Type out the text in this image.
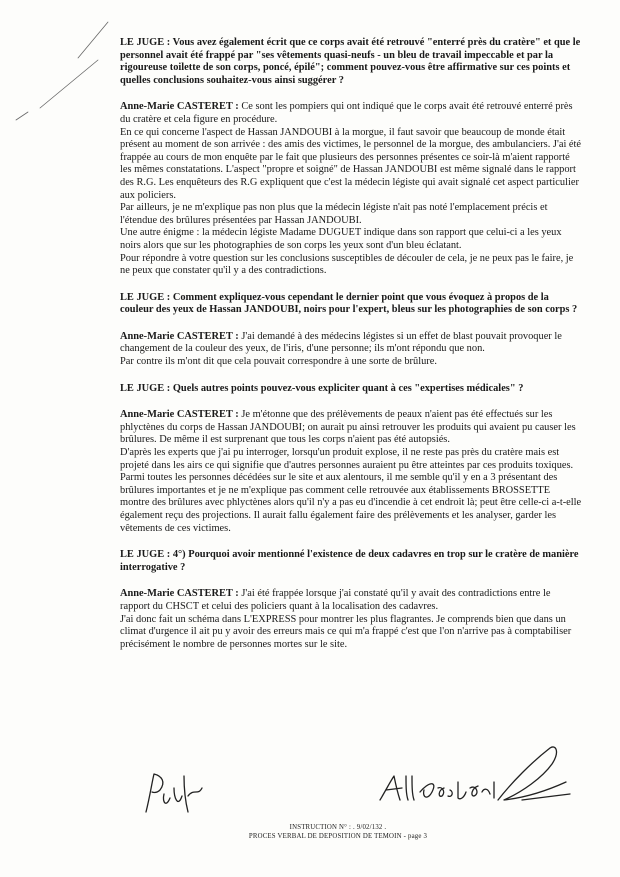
LE JUGE : Vous avez également écrit que ce corps avait été retrouvé "enterré près du cratère" et que le personnel avait été frappé par "ses vêtements quasi-neufs - un bleu de travail impeccable et par la rigoureuse toilette de son corps, poncé, épilé"; comment pouvez-vous être affirmative sur ces points et quelles conclusions souhaitez-vous ainsi suggérer ?

Anne-Marie CASTERET : Ce sont les pompiers qui ont indiqué que le corps avait été retrouvé enterré près du cratère et cela figure en procédure.

En ce qui concerne l'aspect de Hassan JANDOUBI à la morgue, il faut savoir que beaucoup de monde était présent au moment de son arrivée : des amis des victimes, le personnel de la morgue, des ambulanciers. J'ai été frappée au cours de mon enquête par le fait que plusieurs des personnes présentes ce soir-là m'aient rapporté les mêmes constatations. L'aspect "propre et soigné" de Hassan JANDOUBI est même signalé dans le rapport des R.G. Les enquêteurs des R.G expliquent que c'est la médecin légiste qui avait signalé cet aspect particulier aux policiers.

Par ailleurs, je ne m'explique pas non plus que la médecin légiste n'ait pas noté l'emplacement précis et l'étendue des brûlures présentées par Hassan JANDOUBI.

Une autre énigme : la médecin légiste Madame DUGUET indique dans son rapport que celui-ci a les yeux noirs alors que sur les photographies de son corps les yeux sont d'un bleu éclatant.

Pour répondre à votre question sur les conclusions susceptibles de découler de cela, je ne peux pas le faire, je ne peux que constater qu'il y a des contradictions.

LE JUGE : Comment expliquez-vous cependant le dernier point que vous évoquez à propos de la couleur des yeux de Hassan JANDOUBI, noirs pour l'expert, bleus sur les photographies de son corps ?

Anne-Marie CASTERET : J'ai demandé à des médecins légistes si un effet de blast pouvait provoquer le changement de la couleur des yeux, de l'iris, d'une personne; ils m'ont répondu que non.

Par contre ils m'ont dit que cela pouvait correspondre à une sorte de brûlure.

LE JUGE : Quels autres points pouvez-vous expliciter quant à ces "expertises médicales" ?

Anne-Marie CASTERET : Je m'étonne que des prélèvements de peaux n'aient pas été effectués sur les phlyctènes du corps de Hassan JANDOUBI; on aurait pu ainsi retrouver les produits qui avaient pu causer les brûlures. De même il est surprenant que tous les corps n'aient pas été autopsiés.

D'après les experts que j'ai pu interroger, lorsqu'un produit explose, il ne reste pas près du cratère mais est projeté dans les airs ce qui signifie que d'autres personnes auraient pu être atteintes par ces produits toxiques.

Parmi toutes les personnes décédées sur le site et aux alentours, il me semble qu'il y en a 3 présentant des brûlures importantes et je ne m'explique pas comment celle retrouvée aux établissements BROSSETTE montre des brûlures avec phlyctènes alors qu'il n'y a pas eu d'incendie à cet endroit là; peut être celle-ci a-t-elle également reçu des projections. Il aurait fallu également faire des prélèvements et les analyser, garder les vêtements de ces victimes.

LE JUGE : 4°) Pourquoi avoir mentionné l'existence de deux cadavres en trop sur le cratère de manière interrogative ?

Anne-Marie CASTERET : J'ai été frappée lorsque j'ai constaté qu'il y avait des contradictions entre le rapport du CHSCT et celui des policiers quant à la localisation des cadavres.

J'ai donc fait un schéma dans L'EXPRESS pour montrer les plus flagrantes. Je comprends bien que dans un climat d'urgence il ait pu y avoir des erreurs mais ce qui m'a frappé c'est que l'on n'arrive pas à comptabiliser précisément le nombre de personnes mortes sur le site.

INSTRUCTION N° : . 9/02/132 .
PROCES VERBAL DE DEPOSITION DE TEMOIN - page 3
